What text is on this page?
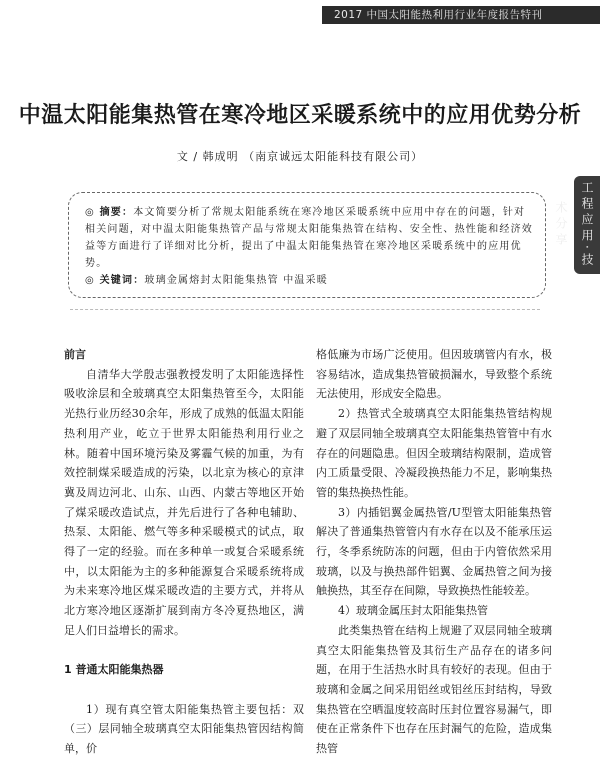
2017 中国太阳能热利用行业年度报告特刊
中温太阳能集热管在寒冷地区采暖系统中的应用优势分析
文 / 韩成明 （南京诚远太阳能科技有限公司）
工程应用·技术分享

◎ 摘要：本文简要分析了常规太阳能系统在寒冷地区采暖系统中应用中存在的问题，针对相关问题，对中温太阳能集热管产品与常规太阳能集热管在结构、安全性、热性能和经济效益等方面进行了详细对比分析，提出了中温太阳能集热管在寒冷地区采暖系统中的应用优势。

◎ 关键词：玻璃金属熔封太阳能集热管 中温采暖

前言

自清华大学殷志强教授发明了太阳能选择性吸收涂层和全玻璃真空太阳集热管至今，太阳能光热行业历经30余年，形成了成熟的低温太阳能热利用产业，屹立于世界太阳能热利用行业之林。随着中国环境污染及雾霾气候的加重，为有效控制煤采暖造成的污染，以北京为核心的京津冀及周边河北、山东、山西、内蒙古等地区开始了煤采暖改造试点，并先后进行了各种电辅助、热泵、太阳能、燃气等多种采暖模式的试点，取得了一定的经验。而在多种单一或复合采暖系统中，以太阳能为主的多种能源复合采暖系统将成为未来寒冷地区煤采暖改造的主要方式，并将从北方寒冷地区逐渐扩展到南方冬冷夏热地区，满足人们日益增长的需求。

1 普通太阳能集热器

1）现有真空管太阳能集热管主要包括：双（三）层同轴全玻璃真空太阳能集热管因结构简单，价

格低廉为市场广泛使用。但因玻璃管内有水，极容易结冰，造成集热管破损漏水，导致整个系统无法使用，形成安全隐患。

2）热管式全玻璃真空太阳能集热管结构规避了双层同轴全玻璃真空太阳能集热管管中有水存在的问题隐患。但因全玻璃结构限制，造成管内工质量受限、冷凝段换热能力不足，影响集热管的集热换热性能。

3）内插铝翼金属热管/U型管太阳能集热管解决了普通集热管管内有水存在以及不能承压运行，冬季系统防冻的问题，但由于内管依然采用玻璃，以及与换热部件铝翼、金属热管之间为接触换热，其至存在间隙，导致换热性能较差。

4）玻璃金属压封太阳能集热管

此类集热管在结构上规避了双层同轴全玻璃真空太阳能集热管及其衍生产品存在的诸多问题，在用于生活热水时具有较好的表现。但由于玻璃和金属之间采用铝丝或铝丝压封结构，导致集热管在空晒温度较高时压封位置容易漏气，即使在正常条件下也存在压封漏气的危险，造成集热管
